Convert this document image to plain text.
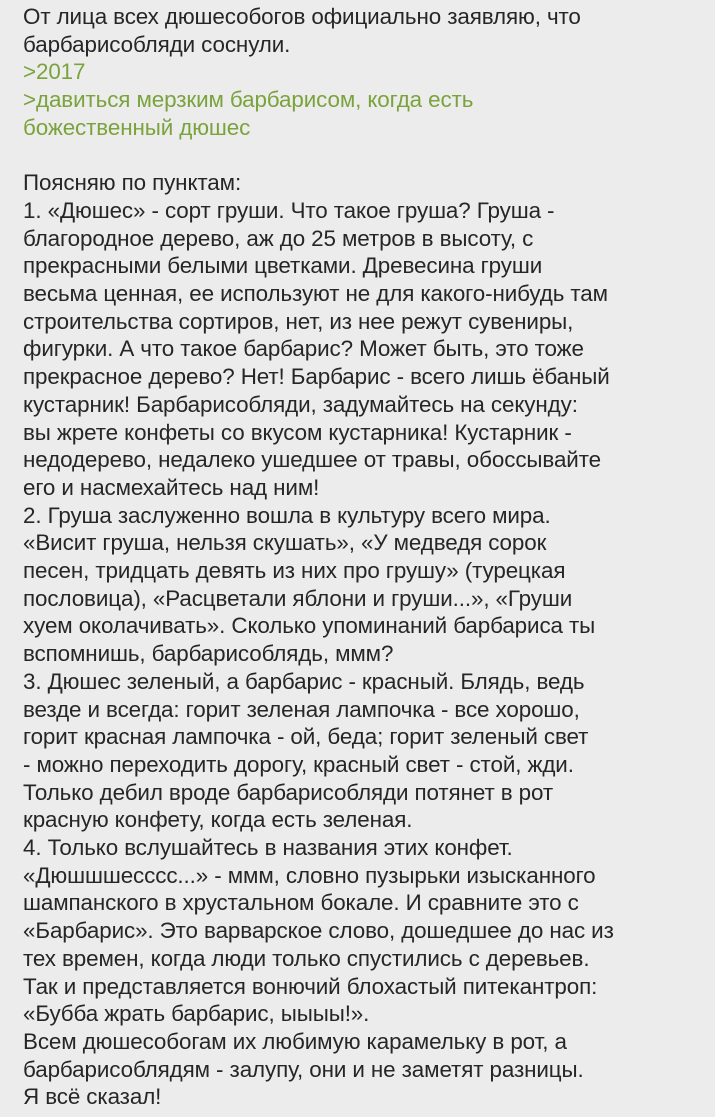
От лица всех дюшесобогов официально заявляю, что
барбарисобляди соснули.
>2017
>давиться мерзким барбарисом, когда есть
божественный дюшес
Поясняю по пунктам:
1. «Дюшес» - сорт груши. Что такое груша? Груша -
благородное дерево, аж до 25 метров в высоту, с
прекрасными белыми цветками. Древесина груши
весьма ценная, ее используют не для какого-нибудь там
строительства сортиров, нет, из нее режут сувениры,
фигурки. А что такое барбарис? Может быть, это тоже
прекрасное дерево? Нет! Барбарис - всего лишь ёбаный
кустарник! Барбарисобляди, задумайтесь на секунду:
вы жрете конфеты со вкусом кустарника! Кустарник -
недодерево, недалеко ушедшее от травы, обоссывайте
его и насмехайтесь над ним!
2. Груша заслуженно вошла в культуру всего мира.
«Висит груша, нельзя скушать», «У медведя сорок
песен, тридцать девять из них про грушу» (турецкая
пословица), «Расцветали яблони и груши...», «Груши
хуем околачивать». Сколько упоминаний барбариса ты
вспомнишь, барбарисоблядь, ммм?
3. Дюшес зеленый, а барбарис - красный. Блядь, ведь
везде и всегда: горит зеленая лампочка - все хорошо,
горит красная лампочка - ой, беда; горит зеленый свет
- можно переходить дорогу, красный свет - стой, жди.
Только дебил вроде барбарисобляди потянет в рот
красную конфету, когда есть зеленая.
4. Только вслушайтесь в названия этих конфет.
«Дюшшшесссс...» - ммм, словно пузырьки изысканного
шампанского в хрустальном бокале. И сравните это с
«Барбарис». Это варварское слово, дошедшее до нас из
тех времен, когда люди только спустились с деревьев.
Так и представляется вонючий блохастый питекантроп:
«Бубба жрать барбарис, ыыыы!».
Всем дюшесобогам их любимую карамельку в рот, а
барбарисоблядям - залупу, они и не заметят разницы.
Я всё сказал!
